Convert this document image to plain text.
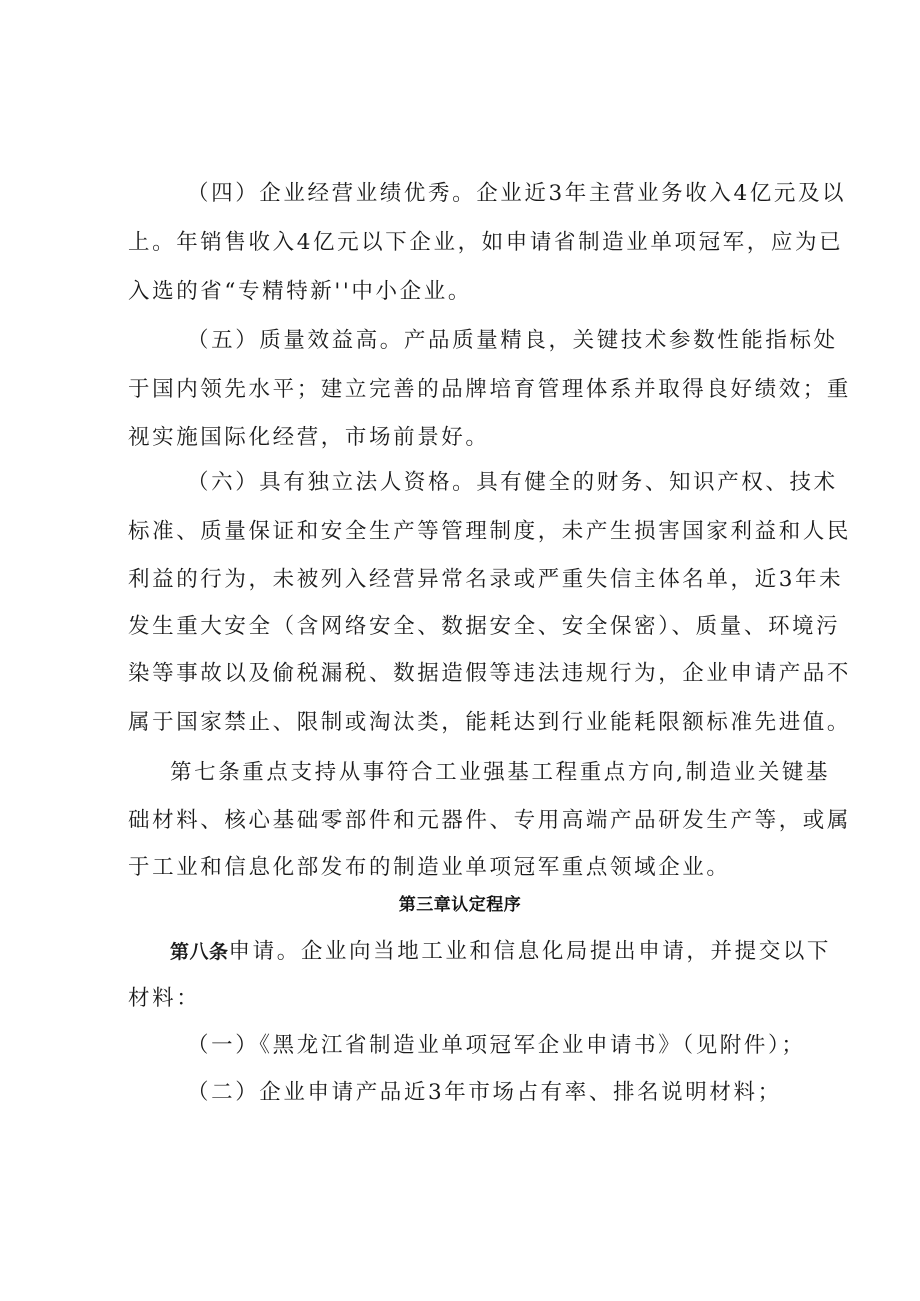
（四）企业经营业绩优秀。企业近3年主营业务收入4亿元及以
上。年销售收入4亿元以下企业，如申请省制造业单项冠军，应为已
入选的省“专精特新''中小企业。
（五）质量效益高。产品质量精良，关键技术参数性能指标处
于国内领先水平；建立完善的品牌培育管理体系并取得良好绩效；重
视实施国际化经营，市场前景好。
（六）具有独立法人资格。具有健全的财务、知识产权、技术
标准、质量保证和安全生产等管理制度，未产生损害国家利益和人民
利益的行为，未被列入经营异常名录或严重失信主体名单，近3年未
发生重大安全（含网络安全、数据安全、安全保密）、质量、环境污
染等事故以及偷税漏税、数据造假等违法违规行为，企业申请产品不
属于国家禁止、限制或淘汰类，能耗达到行业能耗限额标准先进值。
第七条重点支持从事符合工业强基工程重点方向,制造业关键基
础材料、核心基础零部件和元器件、专用高端产品研发生产等，或属
于工业和信息化部发布的制造业单项冠军重点领域企业。
第三章认定程序
第八条申请。企业向当地工业和信息化局提出申请，并提交以下
材料：
（一）《黑龙江省制造业单项冠军企业申请书》（见附件）；
（二）企业申请产品近3年市场占有率、排名说明材料；
